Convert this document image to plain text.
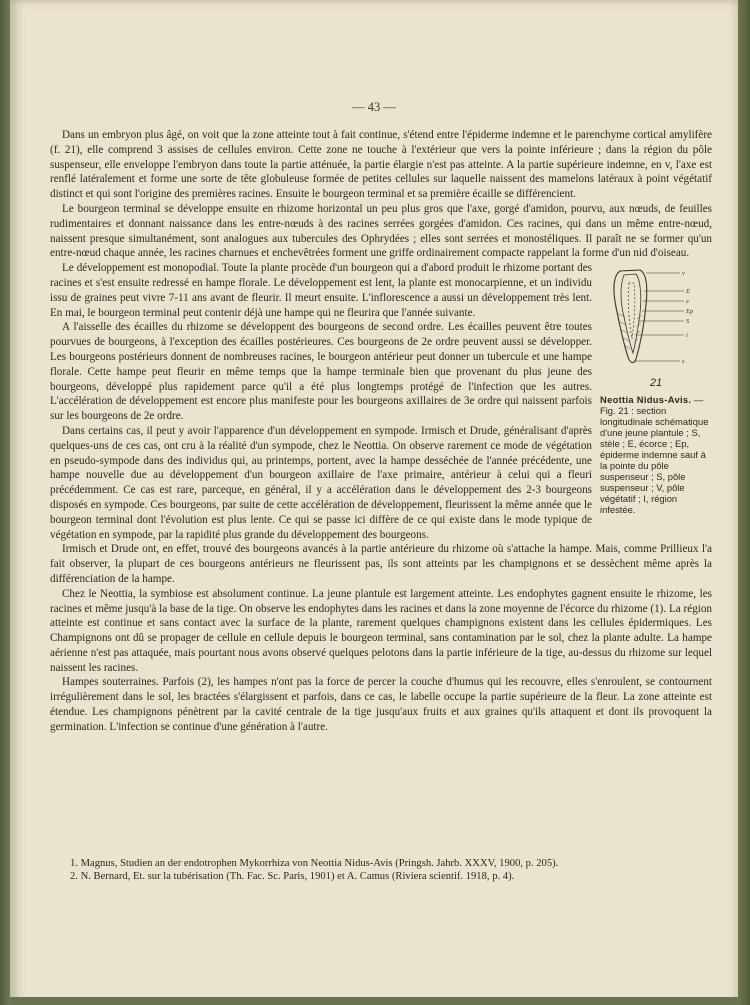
— 43 —

Dans un embryon plus âgé, on voit que la zone atteinte tout à fait continue, s'étend entre l'épiderme indemne et le parenchyme cortical amylifère (f. 21), elle comprend 3 assises de cellules environ. Cette zone ne touche à l'extérieur que vers la pointe inférieure ; dans la région du pôle suspenseur, elle enveloppe l'embryon dans toute la partie atténuée, la partie élargie n'est pas atteinte. A la partie supérieure indemne, en v, l'axe est renflé latéralement et forme une sorte de tête globuleuse formée de petites cellules sur laquelle naissent des mamelons latéraux à point végétatif distinct et qui sont l'origine des premières racines. Ensuite le bourgeon terminal et sa première écaille se différencient.

Le bourgeon terminal se développe ensuite en rhizome horizontal un peu plus gros que l'axe, gorgé d'amidon, pourvu, aux nœuds, de feuilles rudimentaires et donnant naissance dans les entre-nœuds à des racines serrées gorgées d'amidon. Ces racines, qui dans un même entre-nœud, naissent presque simultanément, sont analogues aux tubercules des Ophrydées ; elles sont serrées et monostéliques. Il paraît ne se former qu'un entre-nœud chaque année, les racines charnues et enchevêtrées forment une griffe ordinairement compacte rappelant la forme d'un nid d'oiseau.

v
E
e
Ep
S
i
s
21
Neottia Nidus-Avis. — Fig. 21 : section longitudinale schématique d'une jeune plantule ; S, stèle ; E, écorce ; Ep, épiderme indemne sauf à la pointe du pôle suspenseur ; S, pôle suspenseur ; V, pôle végétatif ; I, région infestée.

Le développement est monopodial. Toute la plante procède d'un bourgeon qui a d'abord produit le rhizome portant des racines et s'est ensuite redressé en hampe florale. Le développement est lent, la plante est monocarpienne, et un individu issu de graines peut vivre 7-11 ans avant de fleurir. Il meurt ensuite. L'inflorescence a aussi un développement très lent. En mai, le bourgeon terminal peut contenir déjà une hampe qui ne fleurira que l'année suivante.

A l'aisselle des écailles du rhizome se développent des bourgeons de second ordre. Les écailles peuvent être toutes pourvues de bourgeons, à l'exception des écailles postérieures. Ces bourgeons de 2e ordre peuvent aussi se développer. Les bourgeons postérieurs donnent de nombreuses racines, le bourgeon antérieur peut donner un tubercule et une hampe florale. Cette hampe peut fleurir en même temps que la hampe terminale bien que provenant du plus jeune des bourgeons, développé plus rapidement parce qu'il a été plus longtemps protégé de l'infection que les autres. L'accélération de développement est encore plus manifeste pour les bourgeons axillaires de 3e ordre qui naissent parfois sur les bourgeons de 2e ordre.

Dans certains cas, il peut y avoir l'apparence d'un développement en sympode. Irmisch et Drude, généralisant d'après quelques-uns de ces cas, ont cru à la réalité d'un sympode, chez le Neottia. On observe rarement ce mode de végétation en pseudo-sympode dans des individus qui, au printemps, portent, avec la hampe desséchée de l'année précédente, une hampe nouvelle due au développement d'un bourgeon axillaire de l'axe primaire, antérieur à celui qui a fleuri précédemment. Ce cas est rare, parceque, en général, il y a accélération dans le développement des 2-3 bourgeons disposés en sympode. Ces bourgeons, par suite de cette accélération de développement, fleurissent la même année que le bourgeon terminal dont l'évolution est plus lente. Ce qui se passe ici diffère de ce qui existe dans le mode typique de végétation en sympode, par la rapidité plus grande du développement des bourgeons.

Irmisch et Drude ont, en effet, trouvé des bourgeons avancés à la partie antérieure du rhizome où s'attache la hampe. Mais, comme Prillieux l'a fait observer, la plupart de ces bourgeons antérieurs ne fleurissent pas, ils sont atteints par les champignons et se dessèchent même après la différenciation de la hampe.

Chez le Neottia, la symbiose est absolument continue. La jeune plantule est largement atteinte. Les endophytes gagnent ensuite le rhizome, les racines et même jusqu'à la base de la tige. On observe les endophytes dans les racines et dans la zone moyenne de l'écorce du rhizome (1). La région atteinte est continue et sans contact avec la surface de la plante, rarement quelques champignons existent dans les cellules épidermiques. Les Champignons ont dû se propager de cellule en cellule depuis le bourgeon terminal, sans contamination par le sol, chez la plante adulte. La hampe aérienne n'est pas attaquée, mais pourtant nous avons observé quelques pelotons dans la partie inférieure de la tige, au-dessus du rhizome sur lequel naissent les racines.

Hampes souterraines. Parfois (2), les hampes n'ont pas la force de percer la couche d'humus qui les recouvre, elles s'enroulent, se contournent irrégulièrement dans le sol, les bractées s'élargissent et parfois, dans ce cas, le labelle occupe la partie supérieure de la fleur. La zone atteinte est étendue. Les champignons pénètrent par la cavité centrale de la tige jusqu'aux fruits et aux graines qu'ils attaquent et dont ils provoquent la germination. L'infection se continue d'une génération à l'autre.

1. Magnus, Studien an der endotrophen Mykorrhiza von Neottia Nidus-Avis (Pringsh. Jahrb. XXXV, 1900, p. 205).
2. N. Bernard, Et. sur la tubérisation (Th. Fac. Sc. Paris, 1901) et A. Camus (Riviera scientif. 1918, p. 4).
